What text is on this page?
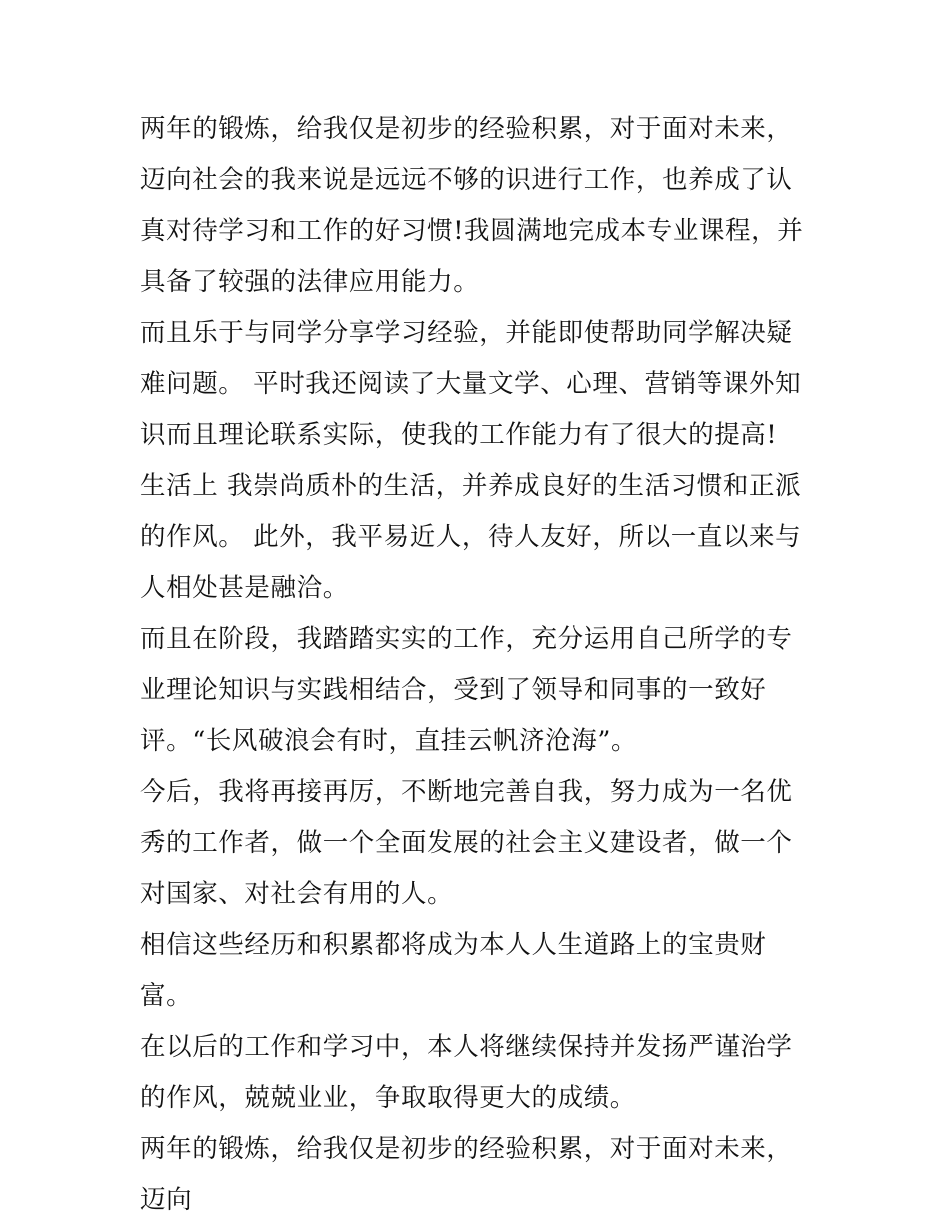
两年的锻炼，给我仅是初步的经验积累，对于面对未来，迈向社会的我来说是远远不够的识进行工作，也养成了认真对待学习和工作的好习惯!我圆满地完成本专业课程，并具备了较强的法律应用能力。

而且乐于与同学分享学习经验，并能即使帮助同学解决疑难问题。 平时我还阅读了大量文学、心理、营销等课外知识而且理论联系实际，使我的工作能力有了很大的提高!

生活上 我崇尚质朴的生活，并养成良好的生活习惯和正派的作风。 此外，我平易近人，待人友好，所以一直以来与人相处甚是融洽。

而且在阶段，我踏踏实实的工作，充分运用自己所学的专业理论知识与实践相结合，受到了领导和同事的一致好评。“长风破浪会有时，直挂云帆济沧海”。

今后，我将再接再厉，不断地完善自我，努力成为一名优秀的工作者，做一个全面发展的社会主义建设者，做一个对国家、对社会有用的人。

相信这些经历和积累都将成为本人人生道路上的宝贵财富。

在以后的工作和学习中，本人将继续保持并发扬严谨治学的作风，兢兢业业，争取取得更大的成绩。

两年的锻炼，给我仅是初步的经验积累，对于面对未来，迈向
